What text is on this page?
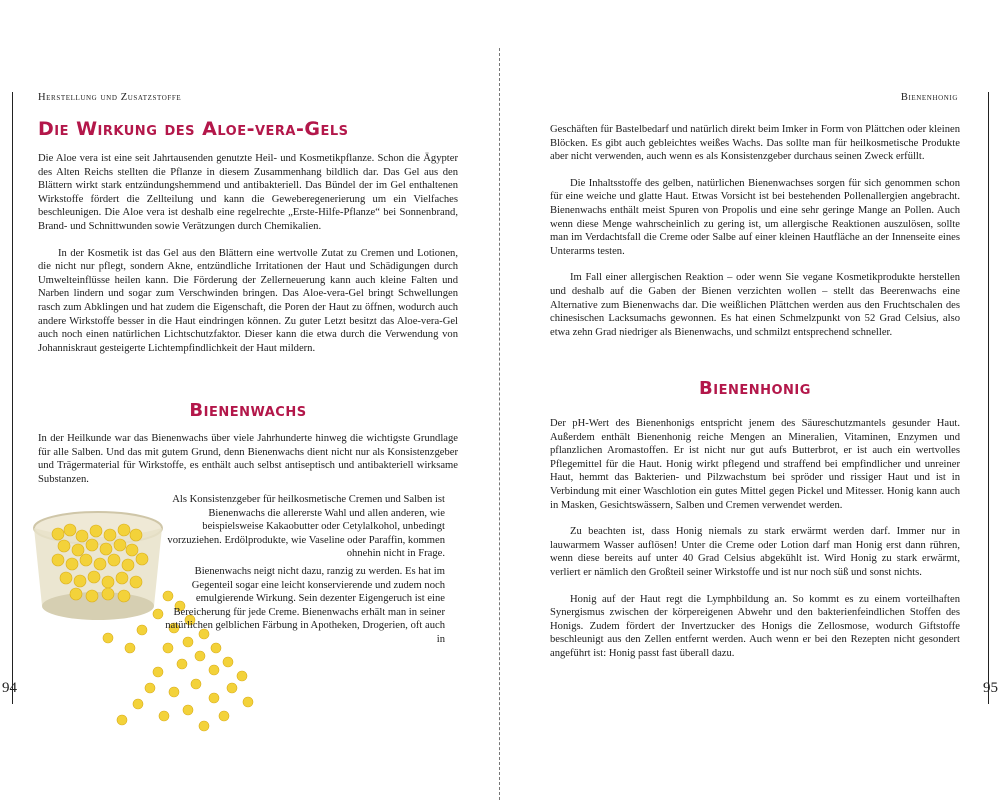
Herstellung und Zusatzstoffe
Die Wirkung des Aloe-vera-Gels

Die Aloe vera ist eine seit Jahrtausenden genutzte Heil- und Kosmetikpflanze. Schon die Ägypter des Alten Reichs stellten die Pflanze in diesem Zusammenhang bildlich dar. Das Gel aus den Blättern wirkt stark entzündungshemmend und antibakteriell. Das Bündel der im Gel enthaltenen Wirkstoffe fördert die Zellteilung und kann die Geweberegenerierung um ein Vielfaches beschleunigen. Die Aloe vera ist deshalb eine regelrechte „Erste-Hilfe-Pflanze“ bei Sonnenbrand, Brand- und Schnittwunden sowie Verätzungen durch Chemikalien.

In der Kosmetik ist das Gel aus den Blättern eine wertvolle Zutat zu Cremen und Lotionen, die nicht nur pflegt, sondern Akne, entzündliche Irritationen der Haut und Schädigungen durch Umwelteinflüsse heilen kann. Die Förderung der Zellerneuerung kann auch kleine Falten und Narben lindern und sogar zum Verschwinden bringen. Das Aloe-vera-Gel bringt Schwellungen rasch zum Abklingen und hat zudem die Eigenschaft, die Poren der Haut zu öffnen, wodurch auch andere Wirkstoffe besser in die Haut eindringen können. Zu guter Letzt besitzt das Aloe-vera-Gel auch noch einen natürlichen Lichtschutzfaktor. Dieser kann die etwa durch die Verwendung von Johanniskraut gesteigerte Lichtempfindlichkeit der Haut mildern.

Bienenwachs

In der Heilkunde war das Bienenwachs über viele Jahrhunderte hinweg die wichtigste Grundlage für alle Salben. Und das mit gutem Grund, denn Bienenwachs dient nicht nur als Konsistenzgeber und Trägermaterial für Wirkstoffe, es enthält auch selbst antiseptisch und antibakteriell wirksame Substanzen.

Als Konsistenzgeber für heilkosmetische Cremen und Salben ist Bienenwachs die allererste Wahl und allen anderen, wie beispielsweise Kakaobutter oder Cetylalkohol, unbedingt vorzuziehen. Erdölprodukte, wie Vaseline oder Paraffin, kommen ohnehin nicht in Frage.

Bienenwachs neigt nicht dazu, ranzig zu werden. Es hat im Gegenteil sogar eine leicht konservierende und zudem noch emulgierende Wirkung. Sein dezenter Eigengeruch ist eine Bereicherung für jede Creme. Bienenwachs erhält man in seiner natürlichen gelblichen Färbung in Apotheken, Drogerien, oft auch in

94
Bienenhonig

Geschäften für Bastelbedarf und natürlich direkt beim Imker in Form von Plättchen oder kleinen Blöcken. Es gibt auch gebleichtes weißes Wachs. Das sollte man für heilkosmetische Produkte aber nicht verwenden, auch wenn es als Konsistenzgeber durchaus seinen Zweck erfüllt.

Die Inhaltsstoffe des gelben, natürlichen Bienenwachses sorgen für sich genommen schon für eine weiche und glatte Haut. Etwas Vorsicht ist bei bestehenden Pollenallergien angebracht. Bienenwachs enthält meist Spuren von Propolis und eine sehr geringe Mange an Pollen. Auch wenn diese Menge wahrscheinlich zu gering ist, um allergische Reaktionen auszulösen, sollte man im Verdachtsfall die Creme oder Salbe auf einer kleinen Hautfläche an der Innenseite eines Unterarms testen.

Im Fall einer allergischen Reaktion – oder wenn Sie vegane Kosmetikprodukte herstellen und deshalb auf die Gaben der Bienen verzichten wollen – stellt das Beerenwachs eine Alternative zum Bienenwachs dar. Die weißlichen Plättchen werden aus den Fruchtschalen des chinesischen Lacksumachs gewonnen. Es hat einen Schmelzpunkt von 52 Grad Celsius, also etwa zehn Grad niedriger als Bienenwachs, und schmilzt entsprechend schneller.

Bienenhonig

Der pH-Wert des Bienenhonigs entspricht jenem des Säureschutzmantels gesunder Haut. Außerdem enthält Bienenhonig reiche Mengen an Mineralien, Vitaminen, Enzymen und pflanzlichen Aromastoffen. Er ist nicht nur gut aufs Butterbrot, er ist auch ein wertvolles Pflegemittel für die Haut. Honig wirkt pflegend und straffend bei empfindlicher und unreiner Haut, hemmt das Bakterien- und Pilzwachstum bei spröder und rissiger Haut und ist in Verbindung mit einer Waschlotion ein gutes Mittel gegen Pickel und Mitesser. Honig kann auch in Masken, Gesichtswässern, Salben und Cremen verwendet werden.

Zu beachten ist, dass Honig niemals zu stark erwärmt werden darf. Immer nur in lauwarmem Wasser auflösen! Unter die Creme oder Lotion darf man Honig erst dann rühren, wenn diese bereits auf unter 40 Grad Celsius abgekühlt ist. Wird Honig zu stark erwärmt, verliert er nämlich den Großteil seiner Wirkstoffe und ist nur noch süß und sonst nichts.

Honig auf der Haut regt die Lymphbildung an. So kommt es zu einem vorteilhaften Synergismus zwischen der körpereigenen Abwehr und den bakterienfeindlichen Stoffen des Honigs. Zudem fördert der Invertzucker des Honigs die Zellosmose, wodurch Giftstoffe beschleunigt aus den Zellen entfernt werden. Auch wenn er bei den Rezepten nicht gesondert angeführt ist: Honig passt fast überall dazu.

95
